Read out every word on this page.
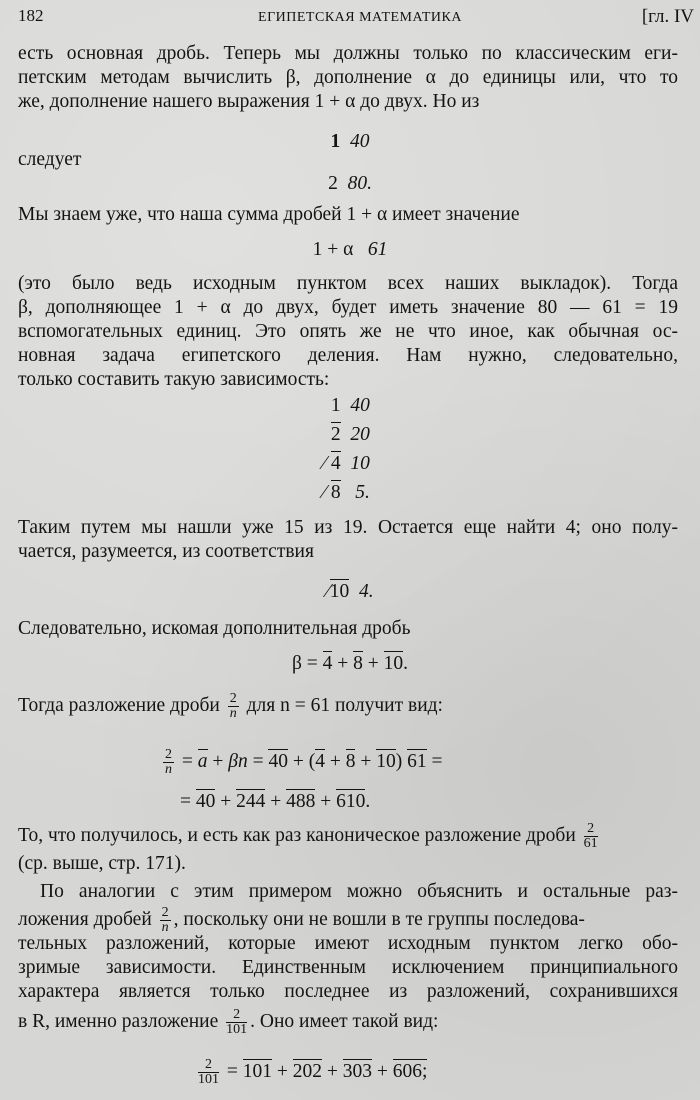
182	ЕГИПЕТСКАЯ МАТЕМАТИКА	[гл. IV
есть основная дробь. Теперь мы должны только по классическим еги-
петским методам вычислить β, дополнение α до единицы или, что то
же, дополнение нашего выражения 1 + α до двух. Но из
1 40
следует
2 80.
Мы знаем уже, что наша сумма дробей 1 + α имеет значение
1 + α 61
(это было ведь исходным пунктом всех наших выкладок). Тогда
β, дополняющее 1 + α до двух, будет иметь значение 80 — 61 = 19
вспомогательных единиц. Это опять же не что иное, как обычная ос-
новная задача египетского деления. Нам нужно, следовательно,
только составить такую зависимость:
1 40
2 20
⁄ 4 10
⁄ 8 5.
Таким путем мы нашли уже 15 из 19. Остается еще найти 4; оно полу-
чается, разумеется, из соответствия
⁄10 4.
Следовательно, искомая дополнительная дробь
β = 4 + 8 + 10.
Тогда разложение дроби $\frac{2}{n}$ для n = 61 получит вид:
$\frac{2}{n} = a + \beta n = 40 + (4 + 8 + 10) 61$ =
= 40 + 244 + 488 + 610.
То, что получилось, и есть как раз каноническое разложение дроби $\frac{2}{61}$
(ср. выше, стр. 171).
По аналогии с этим примером можно объяснить и остальные раз-
ложения дробей $\frac{2}{n}$ , поскольку они не вошли в те группы последова-
тельных разложений, которые имеют исходным пунктом легко обо-
зримые зависимости. Единственным исключением принципиального
характера является только последнее из разложений, сохранившихся
в R, именно разложение $\frac{2}{101}$ . Оно имеет такой вид:
$\frac{2}{101} = 101 + 202 + 303 + 606$;
